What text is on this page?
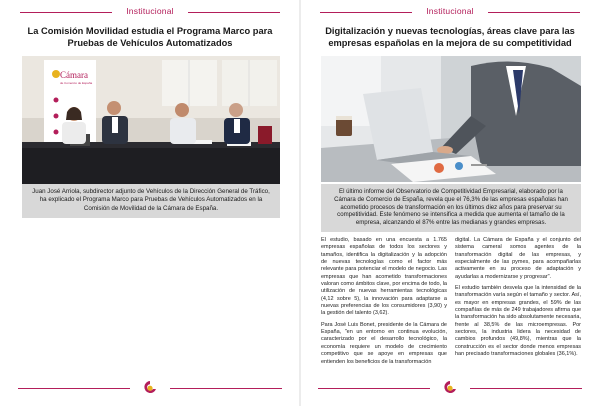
Institucional
La Comisión Movilidad estudia el Programa Marco para Pruebas de Vehículos Automatizados
Cámara
de Comercio de España
Juan José Arriola, subdirector adjunto de Vehículos de la Dirección General de Tráfico, ha explicado el Programa Marco para Pruebas de Vehículos Automatizados en la Comisión de Movilidad de la Cámara de España.
Institucional
Digitalización y nuevas tecnologías, áreas clave para las empresas españolas en la mejora de su competitividad
El último informe del Observatorio de Competitividad Empresarial, elaborado por la Cámara de Comercio de España, revela que el 76,3% de las empresas españolas han acometido procesos de transformación en los últimos diez años para preservar su competitividad. Este fenómeno se intensifica a medida que aumenta el tamaño de la empresa, alcanzando el 87% entre las medianas y grandes empresas.

El estudio, basado en una encuesta a 1.765 empresas españolas de todos los sectores y tamaños, identifica la digitalización y la adopción de nuevas tecnologías como el factor más relevante para potenciar el modelo de negocio. Las empresas que han acometido transformaciones valoran como ámbitos clave, por encima de todo, la utilización de nuevas herramientas tecnológicas (4,12 sobre 5), la innovación para adaptarse a nuevas preferencias de los consumidores (3,90) y la gestión del talento (3,62).

Para José Luis Bonet, presidente de la Cámara de España, "en un entorno en continua evolución, caracterizado por el desarrollo tecnológico, la economía requiere un modelo de crecimiento competitivo que se apoye en empresas que entienden los beneficios de la transformación

digital. La Cámara de España y el conjunto del sistema cameral somos agentes de la transformación digital de las empresas, y especialmente de las pymes, para acompañarlas activamente en su proceso de adaptación y ayudarlas a modernizarse y progresar".

El estudio también desvela que la intensidad de la transformación varía según el tamaño y sector. Así, es mayor en empresas grandes, el 59% de las compañías de más de 249 trabajadores afirma que la transformación ha sido absolutamente necesaria, frente al 38,5% de las microempresas. Por sectores, la industria lidera la necesidad de cambios profundos (49,8%), mientras que la construcción es el sector donde menos empresas han precisado transformaciones globales (36,1%).
